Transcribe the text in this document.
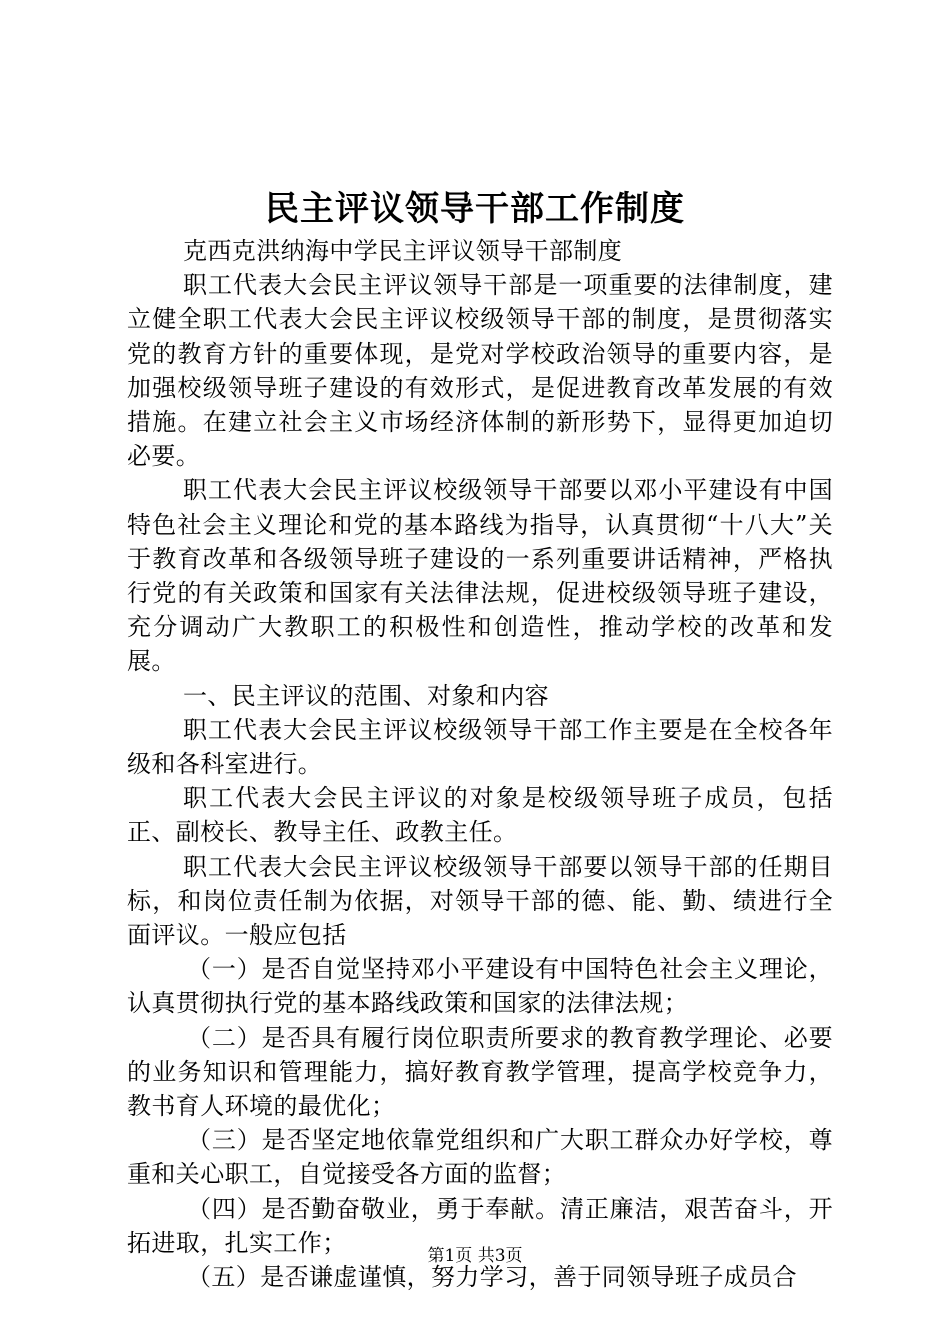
民主评议领导干部工作制度

克西克洪纳海中学民主评议领导干部制度

职工代表大会民主评议领导干部是一项重要的法律制度，建立健全职工代表大会民主评议校级领导干部的制度，是贯彻落实党的教育方针的重要体现，是党对学校政治领导的重要内容，是加强校级领导班子建设的有效形式，是促进教育改革发展的有效措施。在建立社会主义市场经济体制的新形势下，显得更加迫切必要。

职工代表大会民主评议校级领导干部要以邓小平建设有中国特色社会主义理论和党的基本路线为指导，认真贯彻“十八大”关于教育改革和各级领导班子建设的一系列重要讲话精神，严格执行党的有关政策和国家有关法律法规，促进校级领导班子建设，充分调动广大教职工的积极性和创造性，推动学校的改革和发展。

一、民主评议的范围、对象和内容

职工代表大会民主评议校级领导干部工作主要是在全校各年级和各科室进行。

职工代表大会民主评议的对象是校级领导班子成员，包括正、副校长、教导主任、政教主任。

职工代表大会民主评议校级领导干部要以领导干部的任期目标，和岗位责任制为依据，对领导干部的德、能、勤、绩进行全面评议。一般应包括

（一）是否自觉坚持邓小平建设有中国特色社会主义理论，认真贯彻执行党的基本路线政策和国家的法律法规；

（二）是否具有履行岗位职责所要求的教育教学理论、必要的业务知识和管理能力，搞好教育教学管理，提高学校竞争力，教书育人环境的最优化；

（三）是否坚定地依靠党组织和广大职工群众办好学校，尊重和关心职工，自觉接受各方面的监督；

（四）是否勤奋敬业，勇于奉献。清正廉洁，艰苦奋斗，开拓进取，扎实工作；

（五）是否谦虚谨慎，努力学习，善于同领导班子成员合

第1页 共3页
